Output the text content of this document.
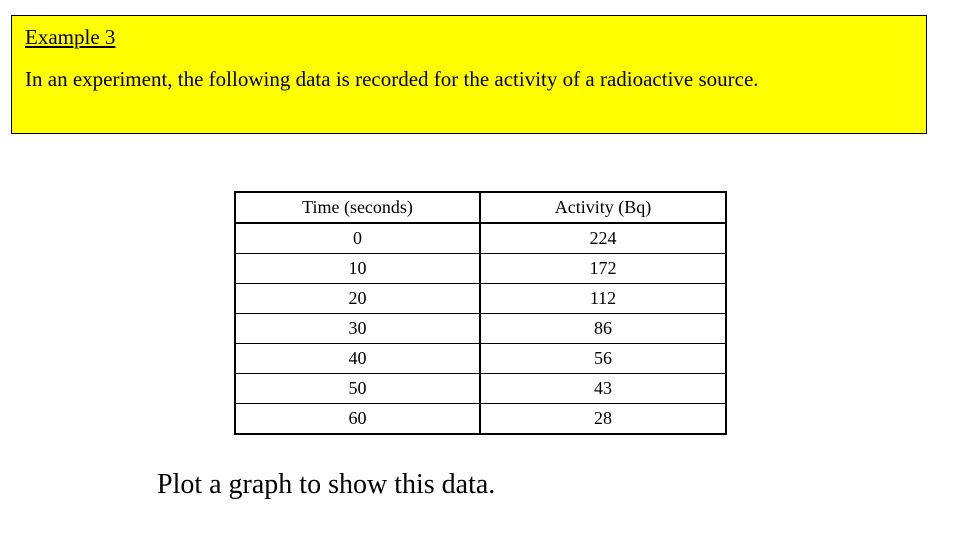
Example 3
In an experiment, the following data is recorded for the activity of a radioactive source.
Time (seconds)	Activity (Bq)
0	224
10	172
20	112
30	86
40	56
50	43
60	28
Plot a graph to show this data.
